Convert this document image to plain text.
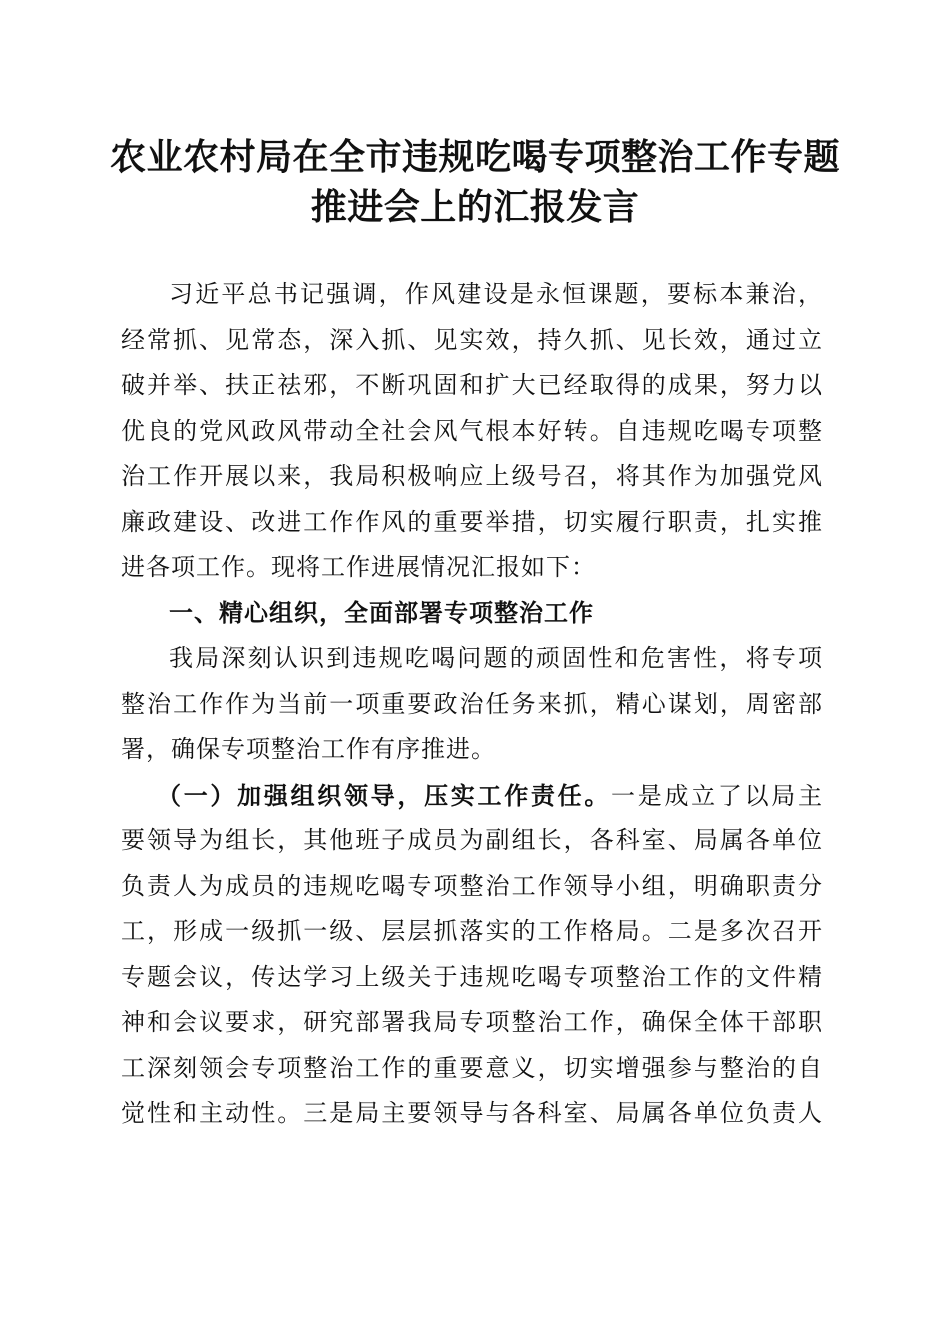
农业农村局在全市违规吃喝专项整治工作专题
推进会上的汇报发言
习近平总书记强调，作风建设是永恒课题，要标本兼治，
经常抓、见常态，深入抓、见实效，持久抓、见长效，通过立
破并举、扶正祛邪，不断巩固和扩大已经取得的成果，努力以
优良的党风政风带动全社会风气根本好转。自违规吃喝专项整
治工作开展以来，我局积极响应上级号召，将其作为加强党风
廉政建设、改进工作作风的重要举措，切实履行职责，扎实推
进各项工作。现将工作进展情况汇报如下：
一、精心组织，全面部署专项整治工作
我局深刻认识到违规吃喝问题的顽固性和危害性，将专项
整治工作作为当前一项重要政治任务来抓，精心谋划，周密部
署，确保专项整治工作有序推进。
（一）加强组织领导，压实工作责任。一是成立了以局主
要领导为组长，其他班子成员为副组长，各科室、局属各单位
负责人为成员的违规吃喝专项整治工作领导小组，明确职责分
工，形成一级抓一级、层层抓落实的工作格局。二是多次召开
专题会议，传达学习上级关于违规吃喝专项整治工作的文件精
神和会议要求，研究部署我局专项整治工作，确保全体干部职
工深刻领会专项整治工作的重要意义，切实增强参与整治的自
觉性和主动性。三是局主要领导与各科室、局属各单位负责人
